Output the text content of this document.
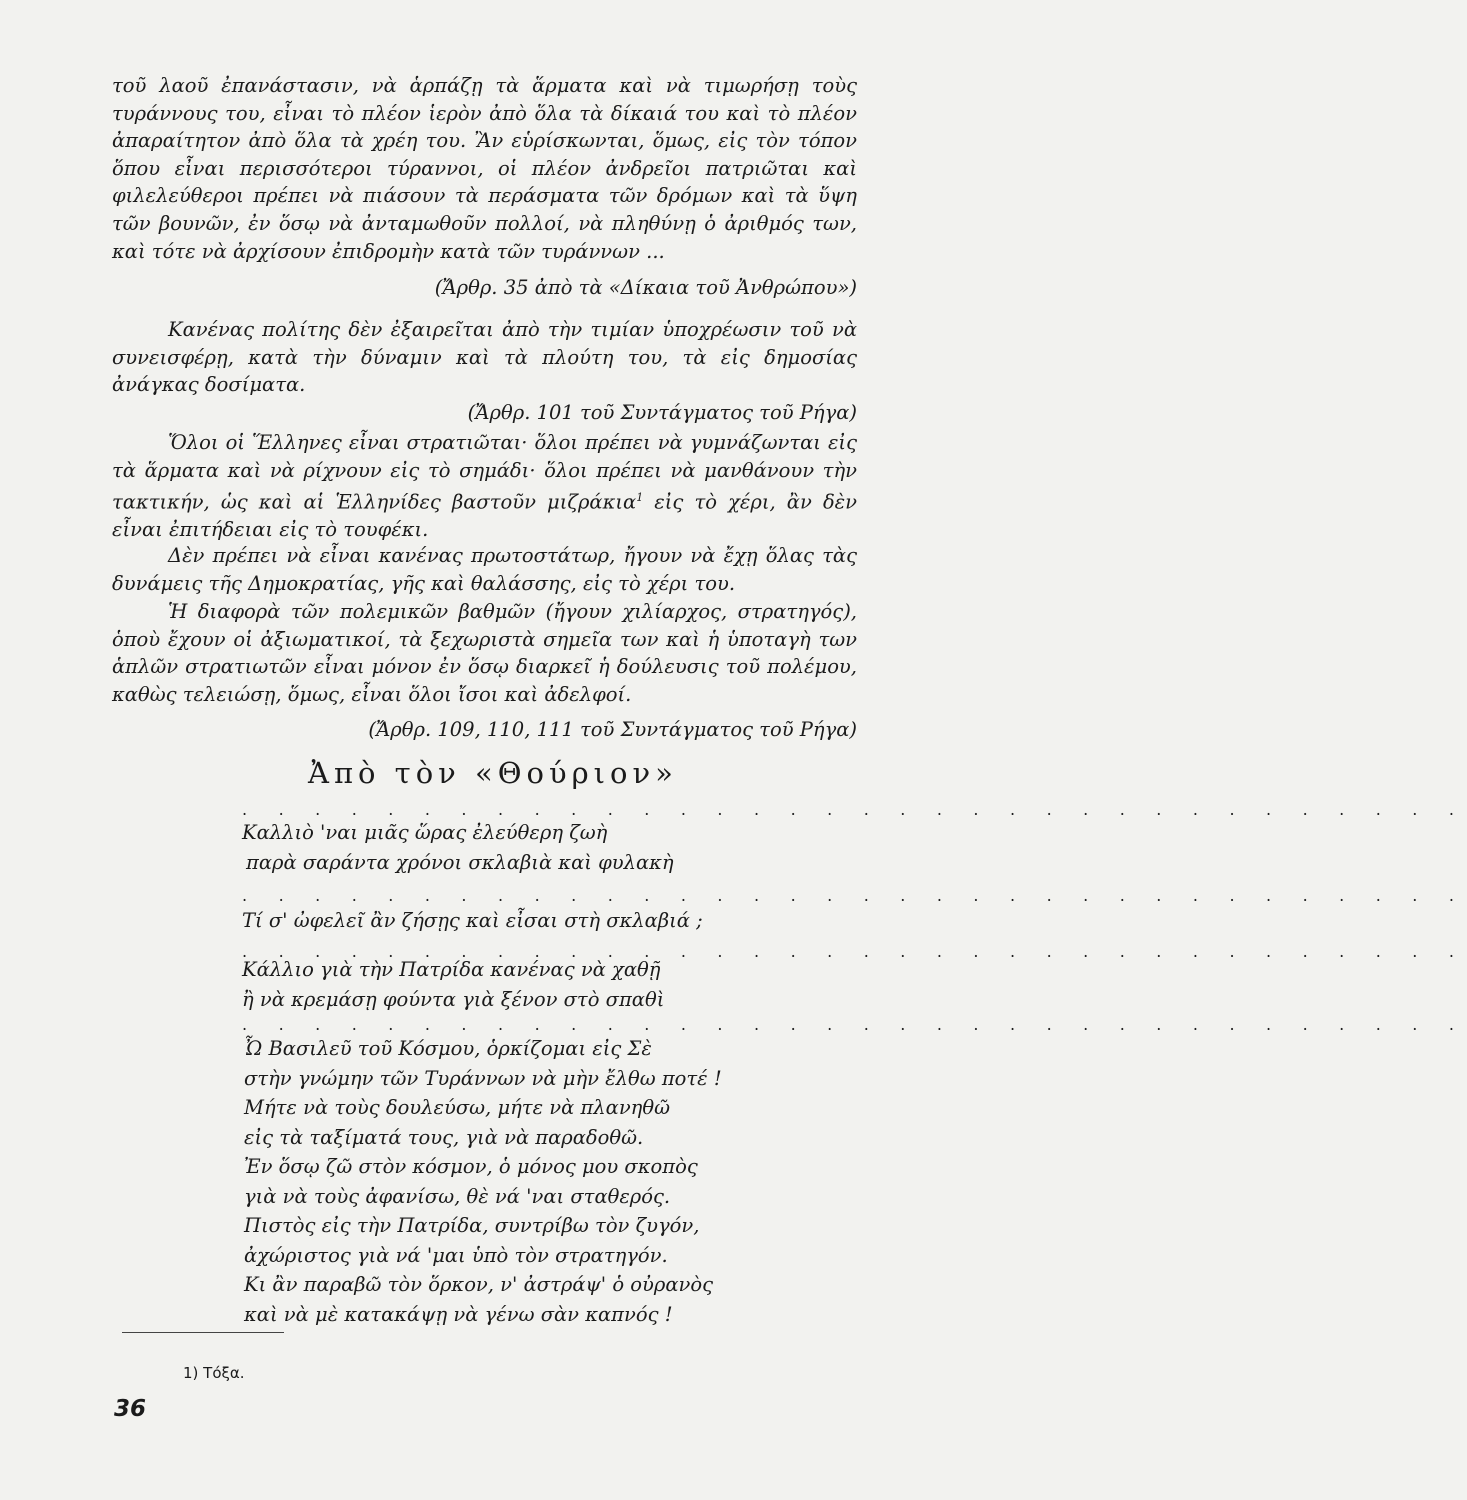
τοῦ λαοῦ ἐπανάστασιν, νὰ ἁρπάζῃ τὰ ἅρματα καὶ νὰ τιμωρήσῃ τοὺς τυράννους του, εἶναι τὸ πλέον ἱερὸν ἀπὸ ὅλα τὰ δίκαιά του καὶ τὸ πλέον ἀπαραίτητον ἀπὸ ὅλα τὰ χρέη του. Ἂν εὑρίσκωνται, ὅμως, εἰς τὸν τόπον ὅπου εἶναι περισσότεροι τύραννοι, οἱ πλέον ἀνδρεῖοι πατριῶται καὶ φιλελεύθεροι πρέπει νὰ πιάσουν τὰ περάσματα τῶν δρόμων καὶ τὰ ὕψη τῶν βουνῶν, ἐν ὅσῳ νὰ ἀνταμωθοῦν πολλοί, νὰ πληθύνῃ ὁ ἀριθμός των, καὶ τότε νὰ ἀρχίσουν ἐπιδρομὴν κατὰ τῶν τυράννων ...

(Ἄρθρ. 35 ἀπὸ τὰ «Δίκαια τοῦ Ἀνθρώπου»)

Κανένας πολίτης δὲν ἐξαιρεῖται ἀπὸ τὴν τιμίαν ὑποχρέωσιν τοῦ νὰ συνεισφέρῃ, κατὰ τὴν δύναμιν καὶ τὰ πλούτη του, τὰ εἰς δημοσίας ἀνάγκας δοσίματα.

(Ἄρθρ. 101 τοῦ Συντάγματος τοῦ Ρήγα)

Ὅλοι οἱ Ἕλληνες εἶναι στρατιῶται· ὅλοι πρέπει νὰ γυμνάζωνται εἰς τὰ ἅρματα καὶ νὰ ρίχνουν εἰς τὸ σημάδι· ὅλοι πρέπει νὰ μανθάνουν τὴν τακτικήν, ὡς καὶ αἱ Ἑλληνίδες βαστοῦν μιζράκια$^1$ εἰς τὸ χέρι, ἂν δὲν εἶναι ἐπιτήδειαι εἰς τὸ τουφέκι.

Δὲν πρέπει νὰ εἶναι κανένας πρωτοστάτωρ, ἤγουν νὰ ἔχῃ ὅλας τὰς δυνάμεις τῆς Δημοκρατίας, γῆς καὶ θαλάσσης, εἰς τὸ χέρι του.

Ἡ διαφορὰ τῶν πολεμικῶν βαθμῶν (ἤγουν χιλίαρχος, στρατηγός), ὁποὺ ἔχουν οἱ ἀξιωματικοί, τὰ ξεχωριστὰ σημεῖα των καὶ ἡ ὑποταγὴ των ἁπλῶν στρατιωτῶν εἶναι μόνον ἐν ὅσῳ διαρκεῖ ἡ δούλευσις τοῦ πολέμου, καθὼς τελειώσῃ, ὅμως, εἶναι ὅλοι ἴσοι καὶ ἀδελφοί.

(Ἄρθρ. 109, 110, 111 τοῦ Συντάγματος τοῦ Ρήγα)

Ἀπὸ τὸν «Θούριον»
. . . . . . . . . . . . . . . . . . . . . . . . . . . . . . . . . .
Καλλιὸ 'ναι μιᾶς ὥρας ἐλεύθερη ζωὴ
παρὰ σαράντα χρόνοι σκλαβιὰ καὶ φυλακὴ
. . . . . . . . . . . . . . . . . . . . . . . . . . . . . . . . . .
Τί σ' ὠφελεῖ ἂν ζήσῃς καὶ εἶσαι στὴ σκλαβιά ;
. . . . . . . . . . . . . . . . . . . . . . . . . . . . . . . . . .
Κάλλιο γιὰ τὴν Πατρίδα κανένας νὰ χαθῇ
ἢ νὰ κρεμάσῃ φούντα γιὰ ξένον στὸ σπαθὶ
. . . . . . . . . . . . . . . . . . . . . . . . . . . . . . . . . .
Ὦ Βασιλεῦ τοῦ Κόσμου, ὁρκίζομαι εἰς Σὲ
στὴν γνώμην τῶν Τυράννων νὰ μὴν ἔλθω ποτέ !
Μήτε νὰ τοὺς δουλεύσω, μήτε νὰ πλανηθῶ
εἰς τὰ ταξίματά τους, γιὰ νὰ παραδοθῶ.
Ἐν ὅσῳ ζῶ στὸν κόσμον, ὁ μόνος μου σκοπὸς
γιὰ νὰ τοὺς ἀφανίσω, θὲ νά 'ναι σταθερός.
Πιστὸς εἰς τὴν Πατρίδα, συντρίβω τὸν ζυγόν,
ἀχώριστος γιὰ νά 'μαι ὑπὸ τὸν στρατηγόν.
Κι ἂν παραβῶ τὸν ὅρκον, ν' ἀστράψ' ὁ οὐρανὸς
καὶ νὰ μὲ κατακάψῃ νὰ γένω σὰν καπνός !
1) Τόξα.
36
